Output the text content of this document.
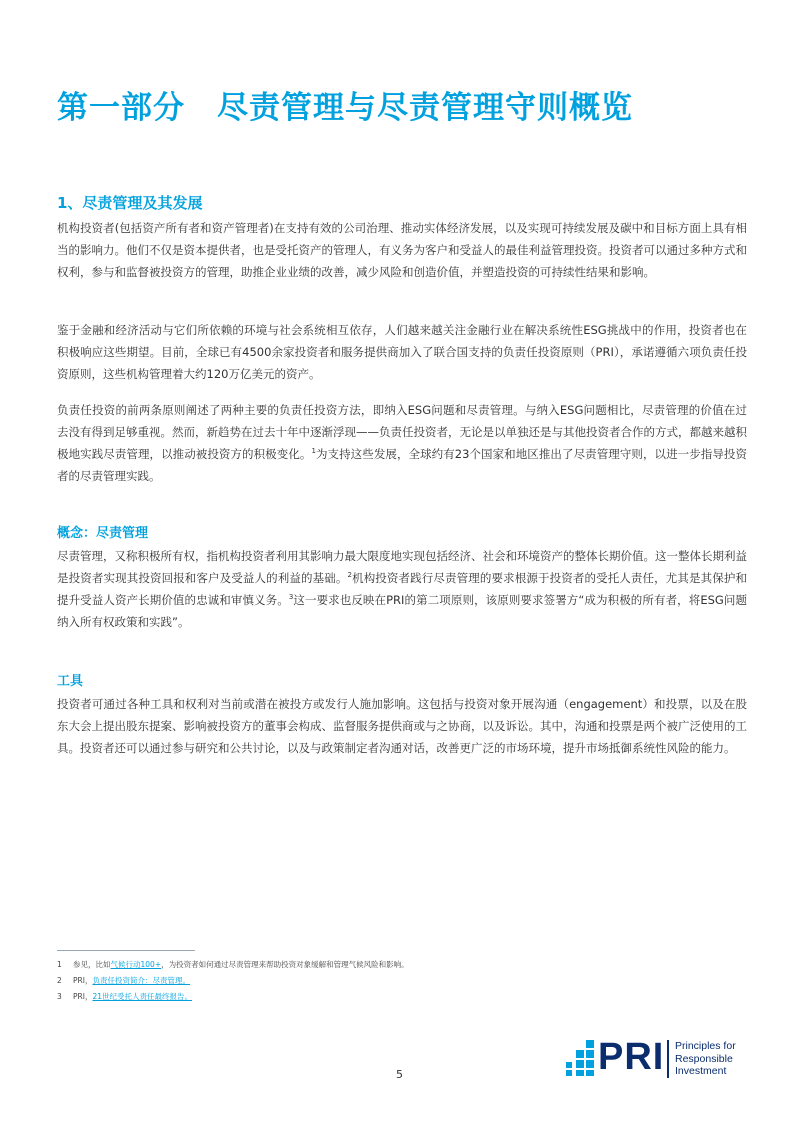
第一部分　尽责管理与尽责管理守则概览
1、尽责管理及其发展

机构投资者(包括资产所有者和资产管理者)在支持有效的公司治理、推动实体经济发展，以及实现可持续发展及碳中和目标方面上具有相当的影响力。他们不仅是资本提供者，也是受托资产的管理人，有义务为客户和受益人的最佳利益管理投资。投资者可以通过多种方式和权利，参与和监督被投资方的管理，助推企业业绩的改善，减少风险和创造价值，并塑造投资的可持续性结果和影响。

鉴于金融和经济活动与它们所依赖的环境与社会系统相互依存，人们越来越关注金融行业在解决系统性ESG挑战中的作用，投资者也在积极响应这些期望。目前，全球已有4500余家投资者和服务提供商加入了联合国支持的负责任投资原则（PRI），承诺遵循六项负责任投资原则，这些机构管理着大约120万亿美元的资产。

负责任投资的前两条原则阐述了两种主要的负责任投资方法，即纳入ESG问题和尽责管理。与纳入ESG问题相比，尽责管理的价值在过去没有得到足够重视。然而，新趋势在过去十年中逐渐浮现——负责任投资者，无论是以单独还是与其他投资者合作的方式，都越来越积极地实践尽责管理，以推动被投资方的积极变化。$^1$为支持这些发展，全球约有23个国家和地区推出了尽责管理守则，以进一步指导投资者的尽责管理实践。

概念：尽责管理

尽责管理，又称积极所有权，指机构投资者利用其影响力最大限度地实现包括经济、社会和环境资产的整体长期价值。这一整体长期利益是投资者实现其投资回报和客户及受益人的利益的基础。$^2$机构投资者践行尽责管理的要求根源于投资者的受托人责任，尤其是其保护和提升受益人资产长期价值的忠诚和审慎义务。$^3$这一要求也反映在PRI的第二项原则，该原则要求签署方“成为积极的所有者，将ESG问题纳入所有权政策和实践”。

工具

投资者可通过各种工具和权利对当前或潜在被投方或发行人施加影响。这包括与投资对象开展沟通（engagement）和投票，以及在股东大会上提出股东提案、影响被投资方的董事会构成、监督服务提供商或与之协商，以及诉讼。其中，沟通和投票是两个被广泛使用的工具。投资者还可以通过参与研究和公共讨论，以及与政策制定者沟通对话，改善更广泛的市场环境，提升市场抵御系统性风险的能力。

1	参见，比如 气候行动100+ ，为投资者如何通过尽责管理来帮助投资对象缓解和管理气候风险和影响。
2	PRI， 负责任投资简介：尽责管理。
3	PRI， 21世纪受托人责任最终报告。
5	PRI Principles for
Responsible
Investment
